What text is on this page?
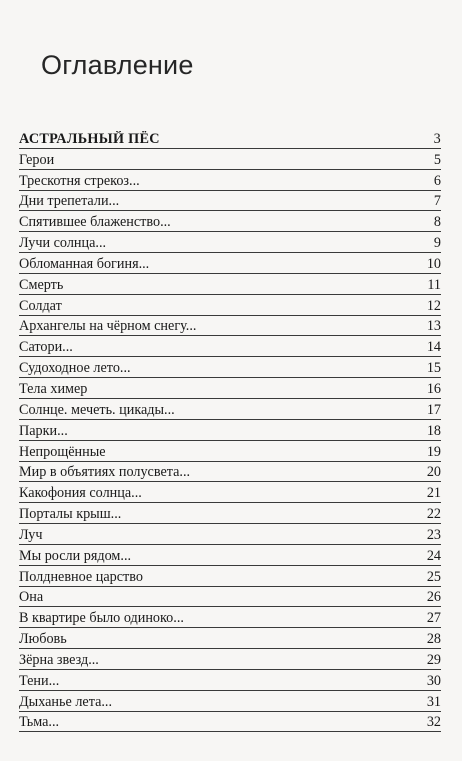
Оглавление
АСТРАЛЬНЫЙ ПЁС	3
Герои	5
Трескотня стрекоз...	6
Дни трепетали...	7
Спятившее блаженство...	8
Лучи солнца...	9
Обломанная богиня...	10
Смерть	11
Солдат	12
Архангелы на чёрном снегу...	13
Сатори...	14
Судоходное лето...	15
Тела химер	16
Солнце. мечеть. цикады...	17
Парки...	18
Непрощённые	19
Мир в объятиях полусвета...	20
Какофония солнца...	21
Порталы крыш...	22
Луч	23
Мы росли рядом...	24
Полдневное царство	25
Она	26
В квартире было одиноко...	27
Любовь	28
Зёрна звезд...	29
Тени...	30
Дыханье лета...	31
Тьма...	32
